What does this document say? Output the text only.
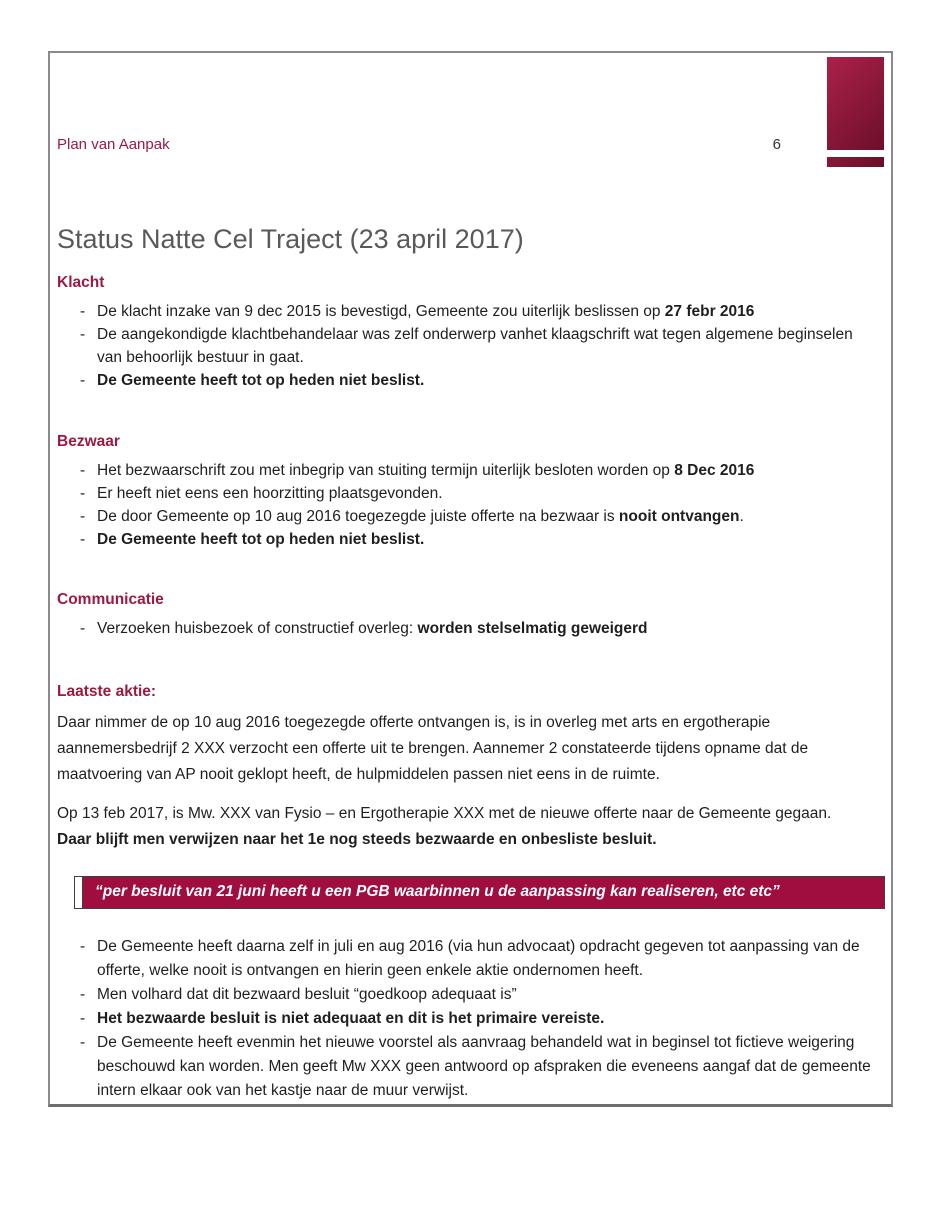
Plan van Aanpak	6
Status Natte Cel Traject (23 april 2017)
Klacht
- De klacht inzake van 9 dec 2015 is bevestigd, Gemeente zou uiterlijk beslissen op 27 febr 2016
- De aangekondigde klachtbehandelaar was zelf onderwerp vanhet klaagschrift wat tegen algemene beginselen van behoorlijk bestuur in gaat.
- De Gemeente heeft tot op heden niet beslist.
Bezwaar
- Het bezwaarschrift zou met inbegrip van stuiting termijn uiterlijk besloten worden op 8 Dec 2016
- Er heeft niet eens een hoorzitting plaatsgevonden.
- De door Gemeente op 10 aug 2016 toegezegde juiste offerte na bezwaar is nooit ontvangen.
- De Gemeente heeft tot op heden niet beslist.
Communicatie
- Verzoeken huisbezoek of constructief overleg: worden stelselmatig geweigerd
Laatste aktie:

Daar nimmer de op 10 aug 2016 toegezegde offerte ontvangen is, is in overleg met arts en ergotherapie aannemersbedrijf 2 XXX verzocht een offerte uit te brengen. Aannemer 2 constateerde tijdens opname dat de maatvoering van AP nooit geklopt heeft, de hulpmiddelen passen niet eens in de ruimte.

Op 13 feb 2017, is Mw. XXX van Fysio – en Ergotherapie XXX met de nieuwe offerte naar de Gemeente gegaan.
Daar blijft men verwijzen naar het 1e nog steeds bezwaarde en onbesliste besluit.

“per besluit van 21 juni heeft u een PGB waarbinnen u de aanpassing kan realiseren, etc etc”
- De Gemeente heeft daarna zelf in juli en aug 2016 (via hun advocaat) opdracht gegeven tot aanpassing van de offerte, welke nooit is ontvangen en hierin geen enkele aktie ondernomen heeft.
- Men volhard dat dit bezwaard besluit “goedkoop adequaat is”
- Het bezwaarde besluit is niet adequaat en dit is het primaire vereiste.
- De Gemeente heeft evenmin het nieuwe voorstel als aanvraag behandeld wat in beginsel tot fictieve weigering beschouwd kan worden. Men geeft Mw XXX geen antwoord op afspraken die eveneens aangaf dat de gemeente intern elkaar ook van het kastje naar de muur verwijst.
